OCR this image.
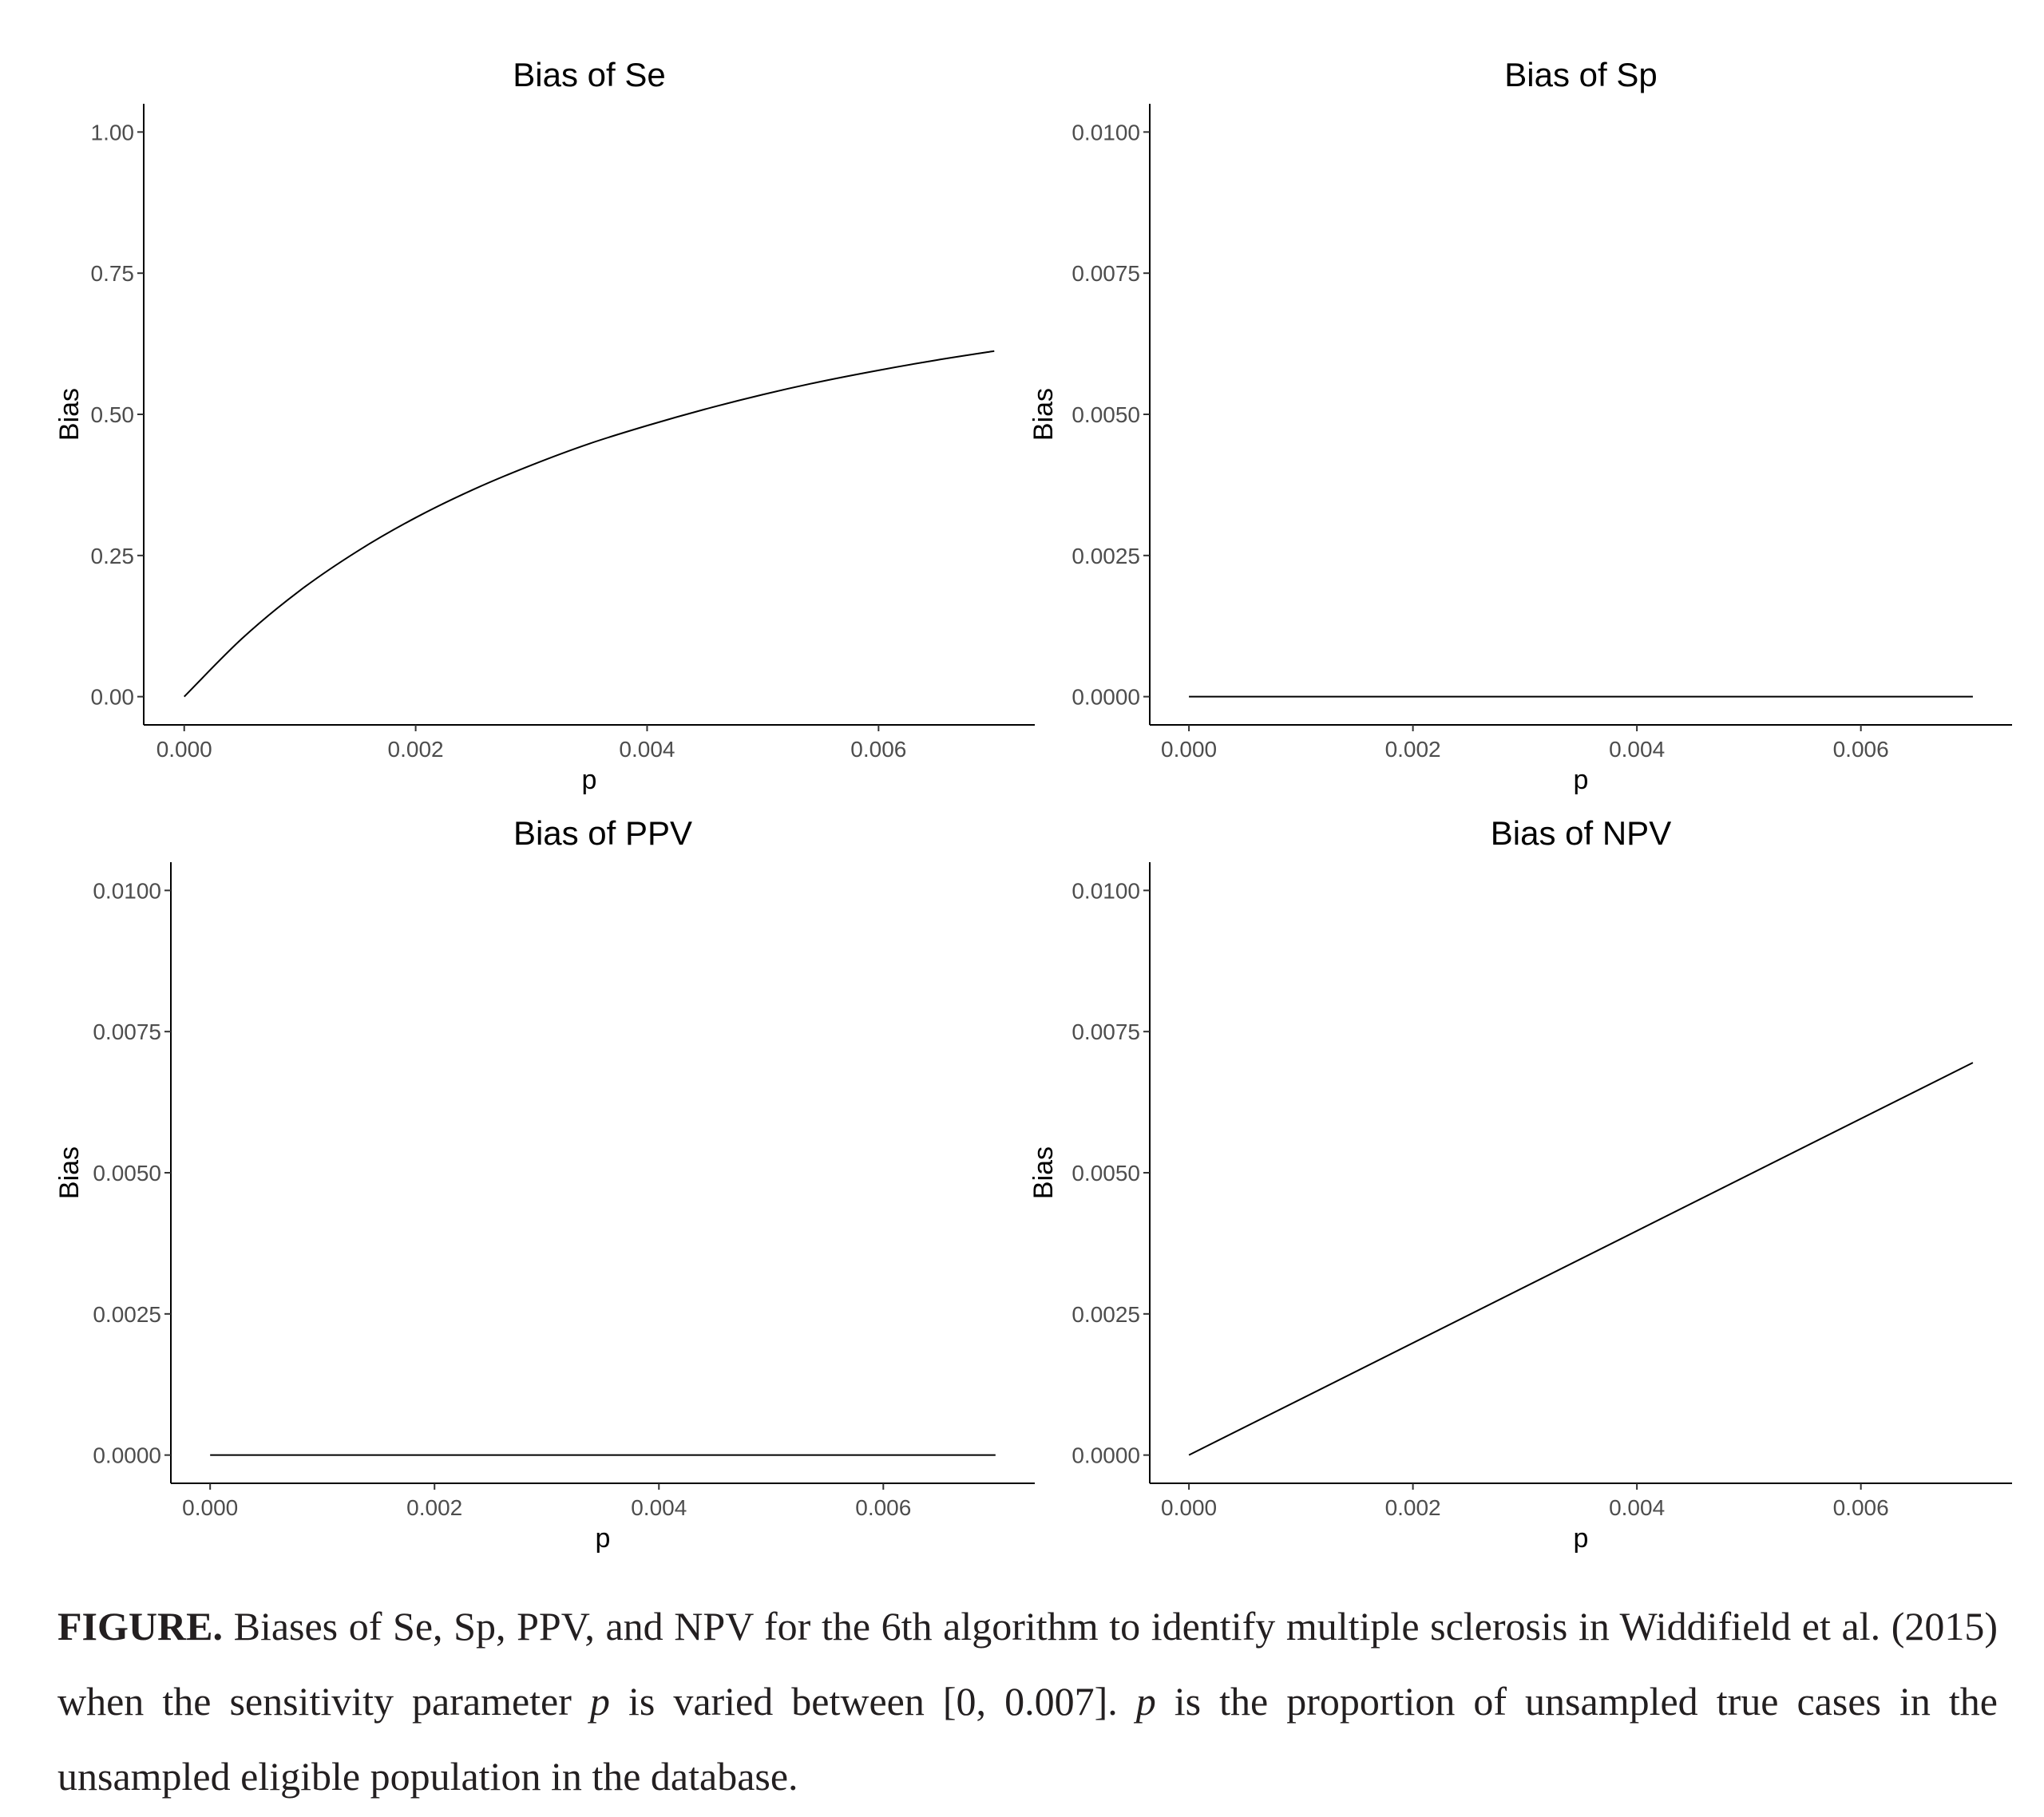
Bias of Se
0.000	0.002	0.004	0.006
0.00
0.25
0.50
0.75
1.00
p
Bias
Bias of Sp
0.000	0.002	0.004	0.006
0.0000
0.0025
0.0050
0.0075
0.0100
p
Bias
Bias of PPV
0.000	0.002	0.004	0.006
0.0000
0.0025
0.0050
0.0075
0.0100
p
Bias
Bias of NPV
0.000	0.002	0.004	0.006
0.0000
0.0025
0.0050
0.0075
0.0100
p
Bias

FIGURE. Biases of Se, Sp, PPV, and NPV for the 6th algorithm to identify multiple sclerosis in Widdifield et al. (2015) when the sensitivity parameter p is varied between [0, 0.007]. p is the proportion of unsampled true cases in the unsampled eligible population in the database.
